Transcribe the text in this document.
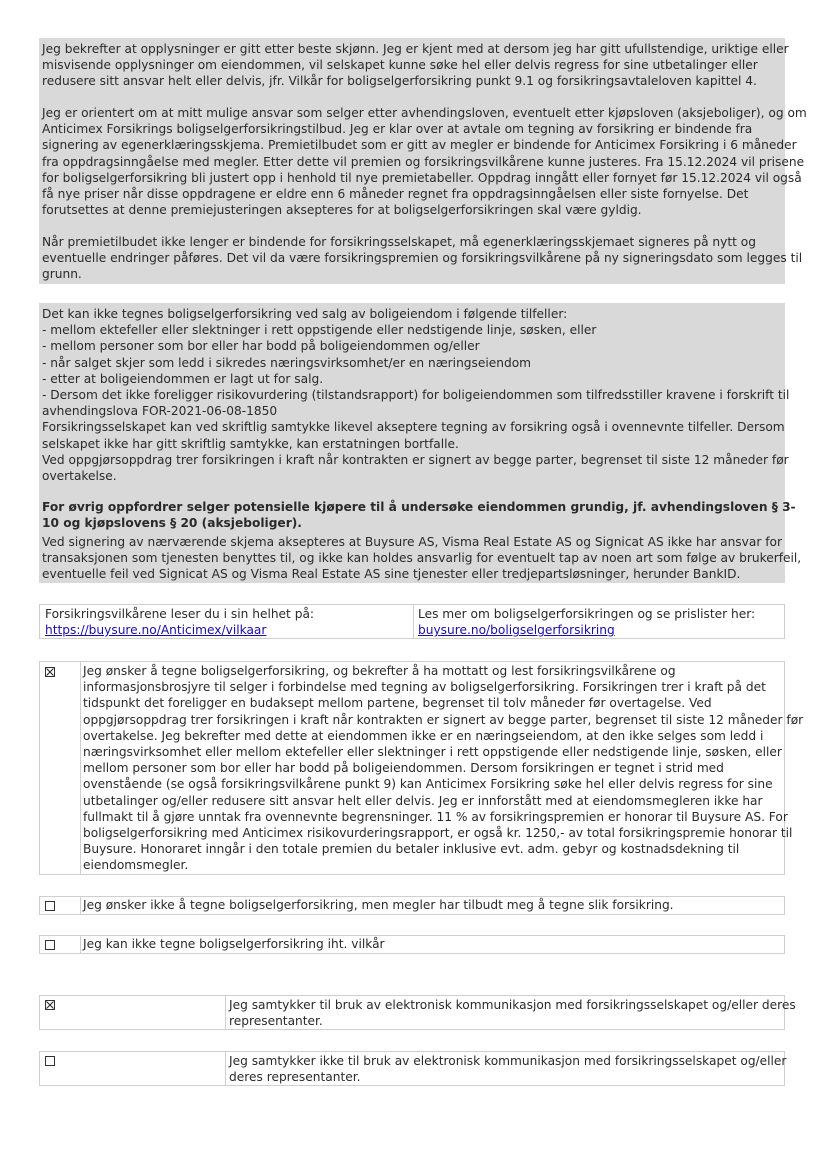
Jeg bekrefter at opplysninger er gitt etter beste skjønn. Jeg er kjent med at dersom jeg har gitt ufullstendige, uriktige eller
misvisende opplysninger om eiendommen, vil selskapet kunne søke hel eller delvis regress for sine utbetalinger eller
redusere sitt ansvar helt eller delvis, jfr. Vilkår for boligselgerforsikring punkt 9.1 og forsikringsavtaleloven kapittel 4.

Jeg er orientert om at mitt mulige ansvar som selger etter avhendingsloven, eventuelt etter kjøpsloven (aksjeboliger), og om
Anticimex Forsikrings boligselgerforsikringstilbud. Jeg er klar over at avtale om tegning av forsikring er bindende fra
signering av egenerklæringsskjema. Premietilbudet som er gitt av megler er bindende for Anticimex Forsikring i 6 måneder
fra oppdragsinngåelse med megler. Etter dette vil premien og forsikringsvilkårene kunne justeres. Fra 15.12.2024 vil prisene
for boligselgerforsikring bli justert opp i henhold til nye premietabeller. Oppdrag inngått eller fornyet før 15.12.2024 vil også
få nye priser når disse oppdragene er eldre enn 6 måneder regnet fra oppdragsinngåelsen eller siste fornyelse. Det
forutsettes at denne premiejusteringen aksepteres for at boligselgerforsikringen skal være gyldig.

Når premietilbudet ikke lenger er bindende for forsikringsselskapet, må egenerklæringsskjemaet signeres på nytt og
eventuelle endringer påføres. Det vil da være forsikringspremien og forsikringsvilkårene på ny signeringsdato som legges til
grunn.

Det kan ikke tegnes boligselgerforsikring ved salg av boligeiendom i følgende tilfeller:
- mellom ektefeller eller slektninger i rett oppstigende eller nedstigende linje, søsken, eller
- mellom personer som bor eller har bodd på boligeiendommen og/eller
- når salget skjer som ledd i sikredes næringsvirksomhet/er en næringseiendom
- etter at boligeiendommen er lagt ut for salg.
- Dersom det ikke foreligger risikovurdering (tilstandsrapport) for boligeiendommen som tilfredsstiller kravene i forskrift til
avhendingslova FOR-2021-06-08-1850
Forsikringsselskapet kan ved skriftlig samtykke likevel akseptere tegning av forsikring også i ovennevnte tilfeller. Dersom
selskapet ikke har gitt skriftlig samtykke, kan erstatningen bortfalle.
Ved oppgjørsoppdrag trer forsikringen i kraft når kontrakten er signert av begge parter, begrenset til siste 12 måneder før
overtakelse.

For øvrig oppfordrer selger potensielle kjøpere til å undersøke eiendommen grundig, jf. avhendingsloven § 3-
10 og kjøpslovens § 20 (aksjeboliger).

Ved signering av nærværende skjema aksepteres at Buysure AS, Visma Real Estate AS og Signicat AS ikke har ansvar for
transaksjonen som tjenesten benyttes til, og ikke kan holdes ansvarlig for eventuelt tap av noen art som følge av brukerfeil,
eventuelle feil ved Signicat AS og Visma Real Estate AS sine tjenester eller tredjepartsløsninger, herunder BankID.

Forsikringsvilkårene leser du i sin helhet på:
https://buysure.no/Anticimex/vilkaar
Les mer om boligselgerforsikringen og se prislister her:
buysure.no/boligselgerforsikring
Jeg ønsker å tegne boligselgerforsikring, og bekrefter å ha mottatt og lest forsikringsvilkårene og
informasjonsbrosjyre til selger i forbindelse med tegning av boligselgerforsikring. Forsikringen trer i kraft på det
tidspunkt det foreligger en budaksept mellom partene, begrenset til tolv måneder før overtagelse. Ved
oppgjørsoppdrag trer forsikringen i kraft når kontrakten er signert av begge parter, begrenset til siste 12 måneder før
overtakelse. Jeg bekrefter med dette at eiendommen ikke er en næringseiendom, at den ikke selges som ledd i
næringsvirksomhet eller mellom ektefeller eller slektninger i rett oppstigende eller nedstigende linje, søsken, eller
mellom personer som bor eller har bodd på boligeiendommen. Dersom forsikringen er tegnet i strid med
ovenstående (se også forsikringsvilkårene punkt 9) kan Anticimex Forsikring søke hel eller delvis regress for sine
utbetalinger og/eller redusere sitt ansvar helt eller delvis. Jeg er innforstått med at eiendomsmegleren ikke har
fullmakt til å gjøre unntak fra ovennevnte begrensninger. 11 % av forsikringspremien er honorar til Buysure AS. For
boligselgerforsikring med Anticimex risikovurderingsrapport, er også kr. 1250,- av total forsikringspremie honorar til
Buysure. Honoraret inngår i den totale premien du betaler inklusive evt. adm. gebyr og kostnadsdekning til
eiendomsmegler.
Jeg ønsker ikke å tegne boligselgerforsikring, men megler har tilbudt meg å tegne slik forsikring.
Jeg kan ikke tegne boligselgerforsikring iht. vilkår
Jeg samtykker til bruk av elektronisk kommunikasjon med forsikringsselskapet og/eller deres
representanter.
Jeg samtykker ikke til bruk av elektronisk kommunikasjon med forsikringsselskapet og/eller
deres representanter.
